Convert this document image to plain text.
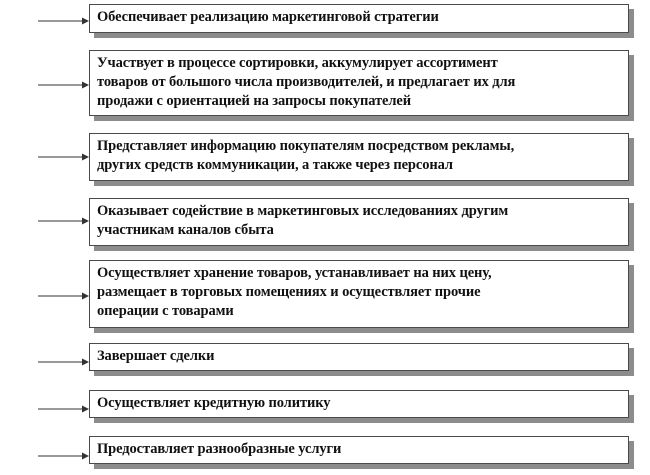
Обеспечивает реализацию маркетинговой стратегии
Участвует в процессе сортировки, аккумулирует ассортимент
товаров от большого числа производителей, и предлагает их для
продажи с ориентацией на запросы покупателей
Представляет информацию покупателям посредством рекламы,
других средств коммуникации, а также через персонал
Оказывает содействие в маркетинговых исследованиях другим
участникам каналов сбыта
Осуществляет хранение товаров, устанавливает на них цену,
размещает в торговых помещениях и осуществляет прочие
операции с товарами
Завершает сделки
Осуществляет кредитную политику
Предоставляет разнообразные услуги
